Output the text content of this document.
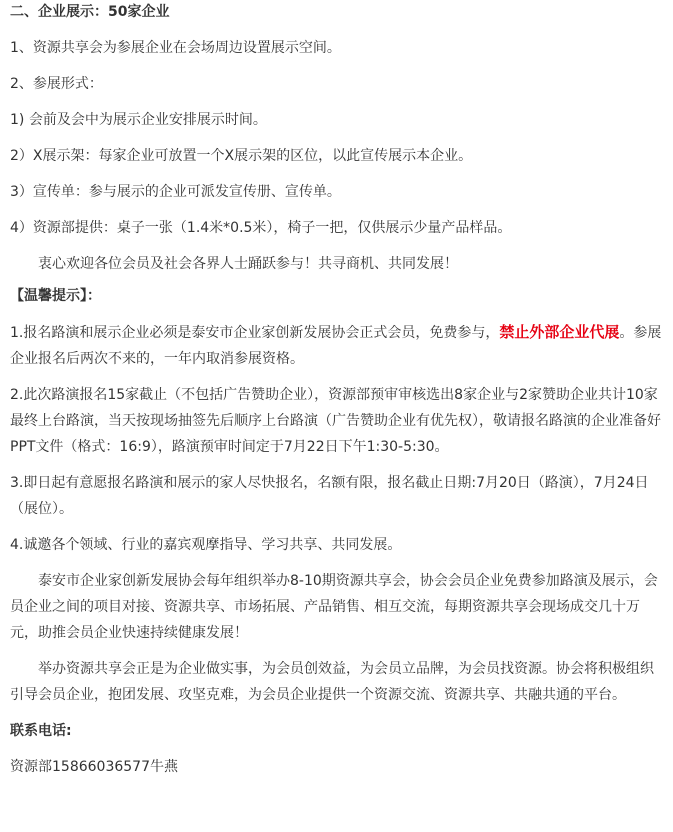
二、企业展示：50家企业

1、资源共享会为参展企业在会场周边设置展示空间。

2、参展形式：

1) 会前及会中为展示企业安排展示时间。

2）X展示架：每家企业可放置一个X展示架的区位，以此宣传展示本企业。

3）宣传单：参与展示的企业可派发宣传册、宣传单。

4）资源部提供：桌子一张（1.4米*0.5米），椅子一把，仅供展示少量产品样品。

衷心欢迎各位会员及社会各界人士踊跃参与！共寻商机、共同发展！

【温馨提示】：

1.报名路演和展示企业必须是泰安市企业家创新发展协会正式会员，免费参与，禁止外部企业代展。参展企业报名后两次不来的，一年内取消参展资格。

2.此次路演报名15家截止（不包括广告赞助企业），资源部预审审核选出8家企业与2家赞助企业共计10家最终上台路演，当天按现场抽签先后顺序上台路演（广告赞助企业有优先权），敬请报名路演的企业准备好PPT文件（格式：16:9），路演预审时间定于7月22日下午1:30-5:30。

3.即日起有意愿报名路演和展示的家人尽快报名，名额有限，报名截止日期:7月20日（路演），7月24日（展位）。

4.诚邀各个领域、行业的嘉宾观摩指导、学习共享、共同发展。

泰安市企业家创新发展协会每年组织举办8-10期资源共享会，协会会员企业免费参加路演及展示，会员企业之间的项目对接、资源共享、市场拓展、产品销售、相互交流，每期资源共享会现场成交几十万元，助推会员企业快速持续健康发展！

举办资源共享会正是为企业做实事，为会员创效益，为会员立品牌，为会员找资源。协会将积极组织引导会员企业，抱团发展、攻坚克难，为会员企业提供一个资源交流、资源共享、共融共通的平台。

联系电话:

资源部15866036577牛燕
